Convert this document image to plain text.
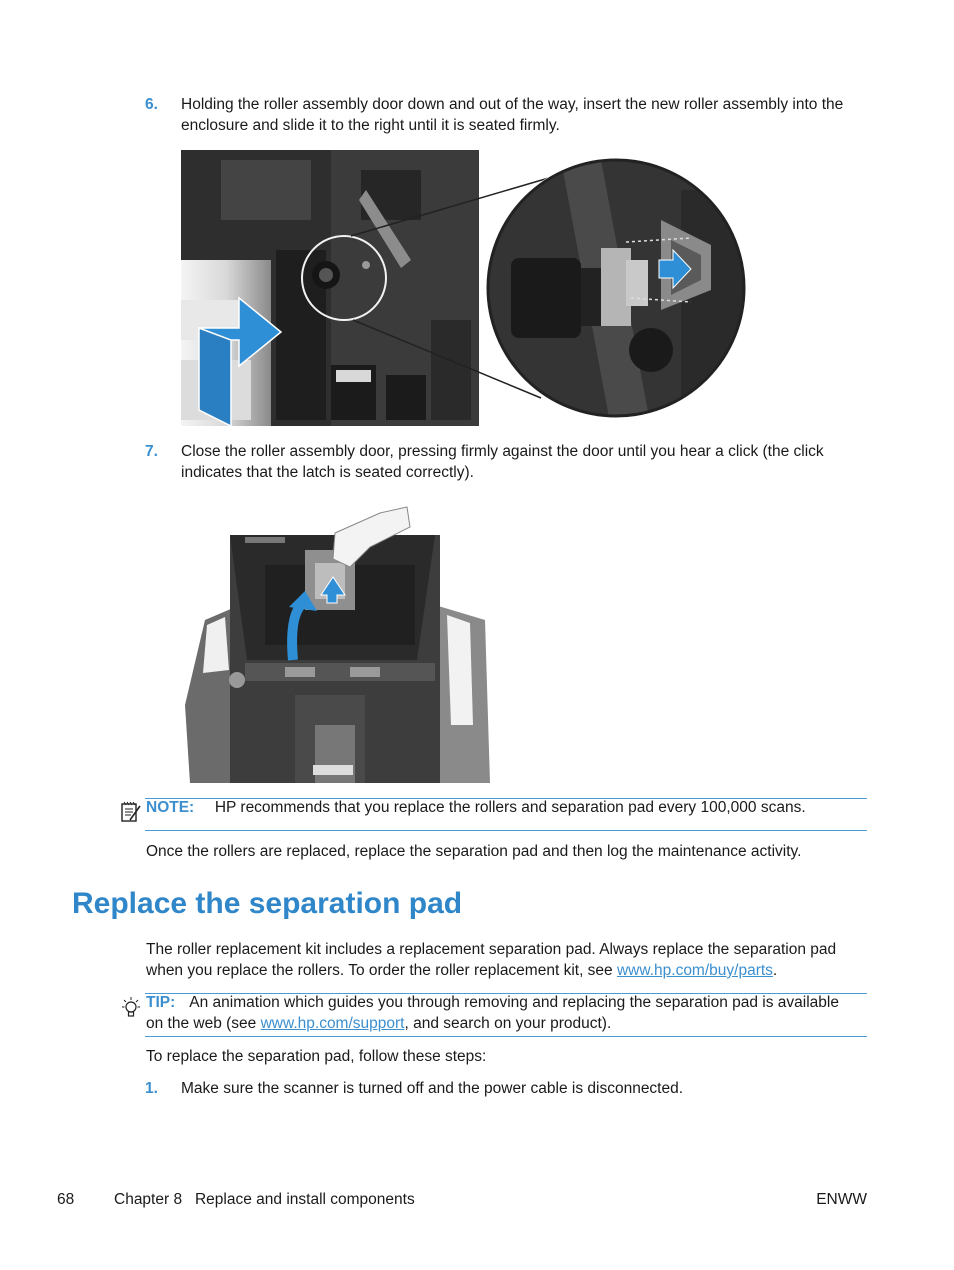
6. Holding the roller assembly door down and out of the way, insert the new roller assembly into the
enclosure and slide it to the right until it is seated firmly.
7. Close the roller assembly door, pressing firmly against the door until you hear a click (the click
indicates that the latch is seated correctly).
NOTE: HP recommends that you replace the rollers and separation pad every 100,000 scans.
Once the rollers are replaced, replace the separation pad and then log the maintenance activity.
Replace the separation pad
The roller replacement kit includes a replacement separation pad. Always replace the separation pad
when you replace the rollers. To order the roller replacement kit, see www.hp.com/buy/parts.
TIP: An animation which guides you through removing and replacing the separation pad is available
on the web (see www.hp.com/support, and search on your product).
To replace the separation pad, follow these steps:
1. Make sure the scanner is turned off and the power cable is disconnected.
68	Chapter 8   Replace and install components	ENWW
